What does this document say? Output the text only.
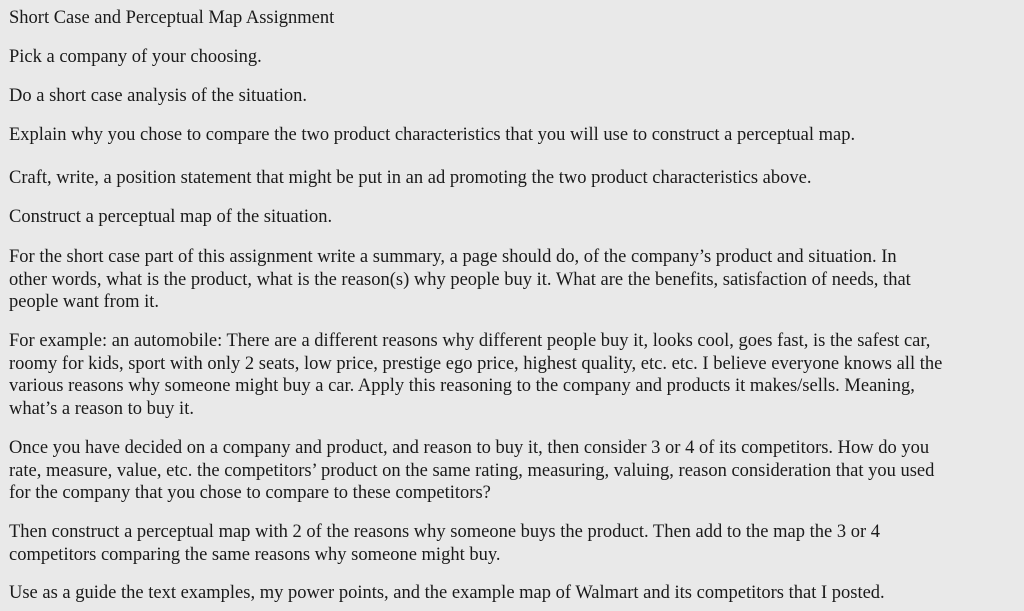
Short Case and Perceptual Map Assignment

Pick a company of your choosing.

Do a short case analysis of the situation.

Explain why you chose to compare the two product characteristics that you will use to construct a perceptual map.

Craft, write, a position statement that might be put in an ad promoting the two product characteristics above.

Construct a perceptual map of the situation.

For the short case part of this assignment write a summary, a page should do, of the company’s product and situation. In
other words, what is the product, what is the reason(s) why people buy it. What are the benefits, satisfaction of needs, that
people want from it.
For example: an automobile: There are a different reasons why different people buy it, looks cool, goes fast, is the safest car,
roomy for kids, sport with only 2 seats, low price, prestige ego price, highest quality, etc. etc. I believe everyone knows all the
various reasons why someone might buy a car. Apply this reasoning to the company and products it makes/sells. Meaning,
what’s a reason to buy it.
Once you have decided on a company and product, and reason to buy it, then consider 3 or 4 of its competitors. How do you
rate, measure, value, etc. the competitors’ product on the same rating, measuring, valuing, reason consideration that you used
for the company that you chose to compare to these competitors?
Then construct a perceptual map with 2 of the reasons why someone buys the product. Then add to the map the 3 or 4
competitors comparing the same reasons why someone might buy.

Use as a guide the text examples, my power points, and the example map of Walmart and its competitors that I posted.
